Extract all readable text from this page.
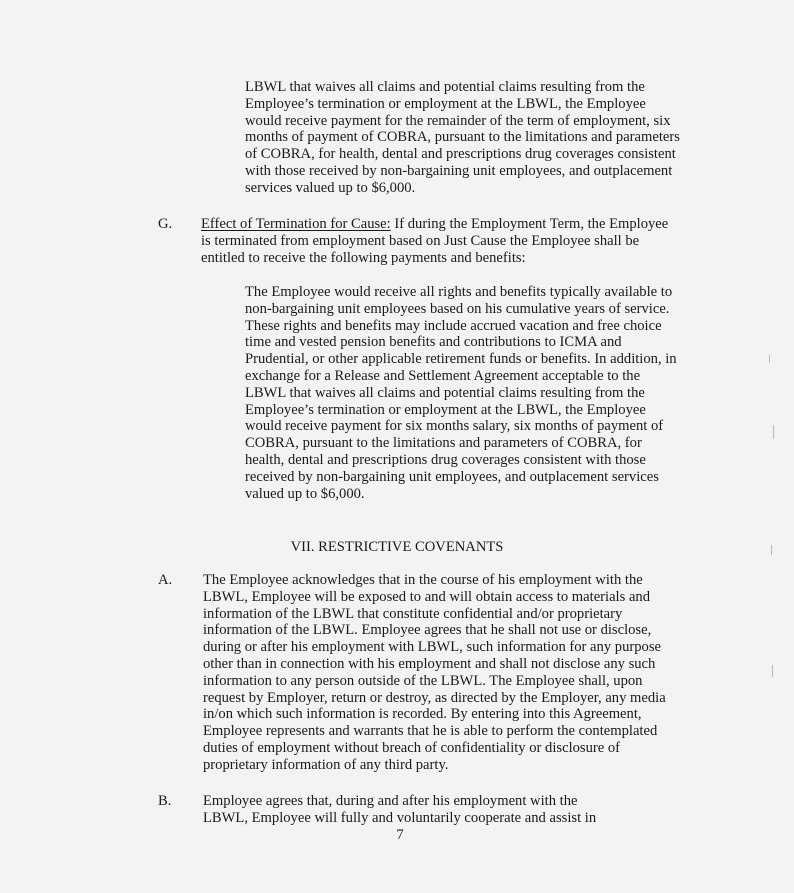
LBWL that waives all claims and potential claims resulting from the
Employee’s termination or employment at the LBWL, the Employee
would receive payment for the remainder of the term of employment, six
months of payment of COBRA, pursuant to the limitations and parameters
of COBRA, for health, dental and prescriptions drug coverages consistent
with those received by non-bargaining unit employees, and outplacement
services valued up to $6,000.
G. Effect of Termination for Cause: If during the Employment Term, the Employee
is terminated from employment based on Just Cause the Employee shall be
entitled to receive the following payments and benefits:
The Employee would receive all rights and benefits typically available to
non-bargaining unit employees based on his cumulative years of service.
These rights and benefits may include accrued vacation and free choice
time and vested pension benefits and contributions to ICMA and
Prudential, or other applicable retirement funds or benefits. In addition, in
exchange for a Release and Settlement Agreement acceptable to the
LBWL that waives all claims and potential claims resulting from the
Employee’s termination or employment at the LBWL, the Employee
would receive payment for six months salary, six months of payment of
COBRA, pursuant to the limitations and parameters of COBRA, for
health, dental and prescriptions drug coverages consistent with those
received by non-bargaining unit employees, and outplacement services
valued up to $6,000.
VII. RESTRICTIVE COVENANTS
A. The Employee acknowledges that in the course of his employment with the
LBWL, Employee will be exposed to and will obtain access to materials and
information of the LBWL that constitute confidential and/or proprietary
information of the LBWL. Employee agrees that he shall not use or disclose,
during or after his employment with LBWL, such information for any purpose
other than in connection with his employment and shall not disclose any such
information to any person outside of the LBWL. The Employee shall, upon
request by Employer, return or destroy, as directed by the Employer, any media
in/on which such information is recorded. By entering into this Agreement,
Employee represents and warrants that he is able to perform the contemplated
duties of employment without breach of confidentiality or disclosure of
proprietary information of any third party.
B. Employee agrees that, during and after his employment with the
LBWL, Employee will fully and voluntarily cooperate and assist in
7
